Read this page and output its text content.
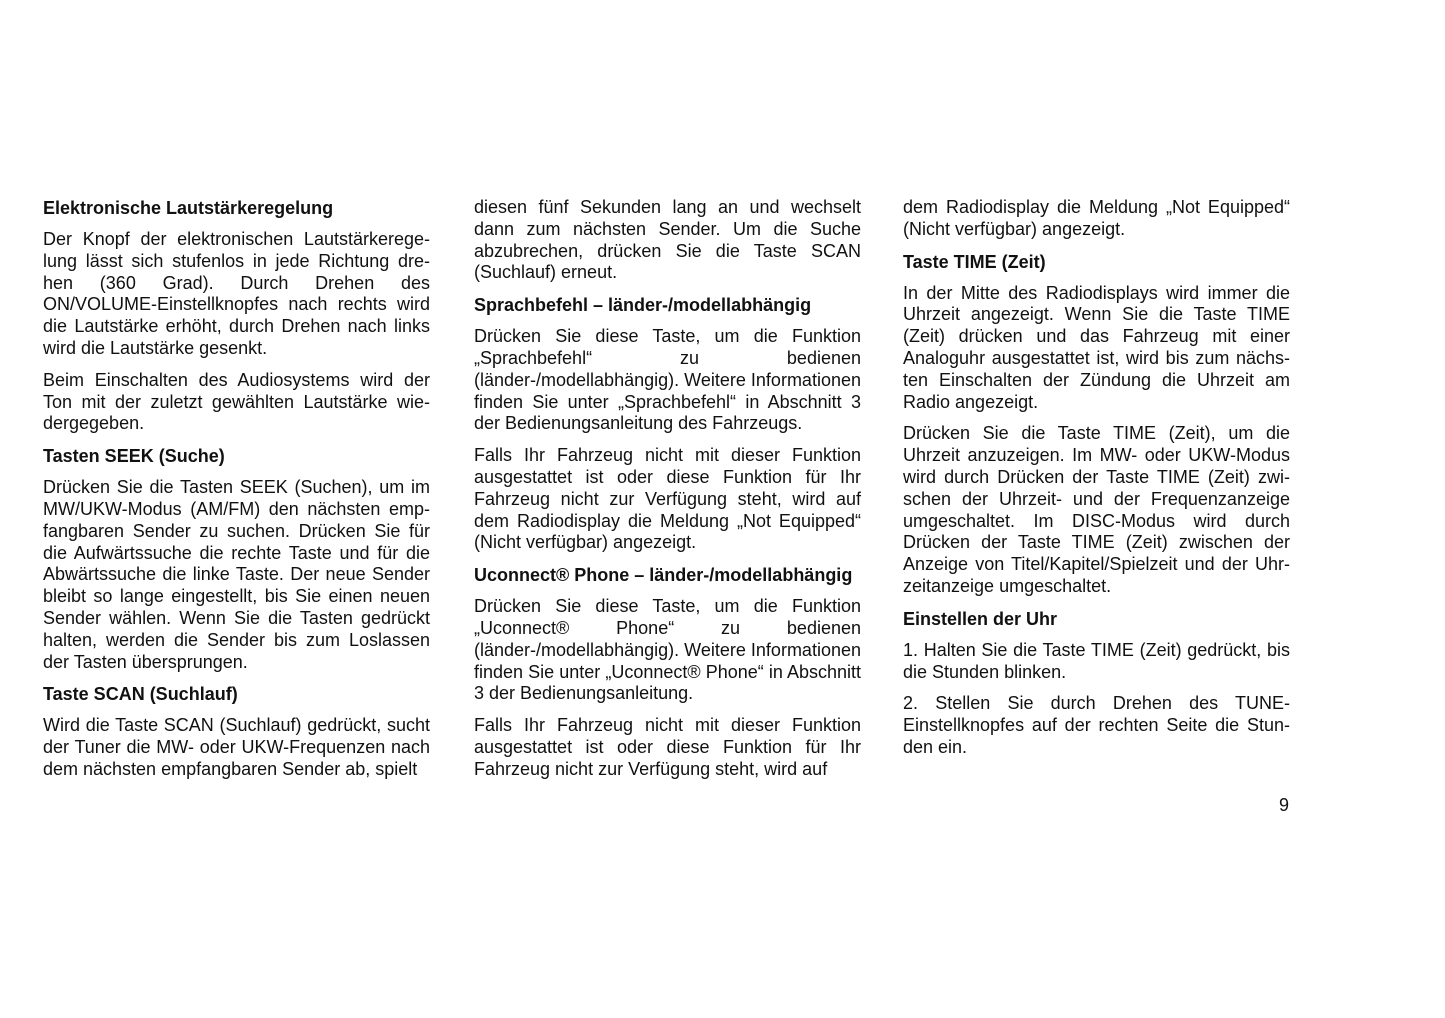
Elektronische Lautstärkeregelung

Der Knopf der elektronischen Lautstärkerege-lung lässt sich stufenlos in jede Richtung dre-hen (360 Grad). Durch Drehen des ON/VOLUME-Einstellknopfes nach rechts wird die Lautstärke erhöht, durch Drehen nach links wird die Lautstärke gesenkt.

Beim Einschalten des Audiosystems wird der Ton mit der zuletzt gewählten Lautstärke wie-dergegeben.

Tasten SEEK (Suche)

Drücken Sie die Tasten SEEK (Suchen), um im MW/UKW-Modus (AM/FM) den nächsten emp-fangbaren Sender zu suchen. Drücken Sie für die Aufwärtssuche die rechte Taste und für die Abwärtssuche die linke Taste. Der neue Sender bleibt so lange eingestellt, bis Sie einen neuen Sender wählen. Wenn Sie die Tasten gedrückt halten, werden die Sender bis zum Loslassen der Tasten übersprungen.

Taste SCAN (Suchlauf)

Wird die Taste SCAN (Suchlauf) gedrückt, sucht der Tuner die MW- oder UKW-Frequenzen nach dem nächsten empfangbaren Sender ab, spielt

diesen fünf Sekunden lang an und wechselt dann zum nächsten Sender. Um die Suche abzubrechen, drücken Sie die Taste SCAN (Suchlauf) erneut.

Sprachbefehl – länder-/modellabhängig

Drücken Sie diese Taste, um die Funktion „Sprachbefehl“ zu bedienen (länder-/modellabhängig). Weitere Informationen finden Sie unter „Sprachbefehl“ in Abschnitt 3 der Bedienungsanleitung des Fahrzeugs.

Falls Ihr Fahrzeug nicht mit dieser Funktion ausgestattet ist oder diese Funktion für Ihr Fahrzeug nicht zur Verfügung steht, wird auf dem Radiodisplay die Meldung „Not Equipped“ (Nicht verfügbar) angezeigt.

Uconnect® Phone – länder-/modellabhängig

Drücken Sie diese Taste, um die Funktion „Uconnect® Phone“ zu bedienen (länder-/modellabhängig). Weitere Informationen finden Sie unter „Uconnect® Phone“ in Abschnitt 3 der Bedienungsanleitung.

Falls Ihr Fahrzeug nicht mit dieser Funktion ausgestattet ist oder diese Funktion für Ihr Fahrzeug nicht zur Verfügung steht, wird auf

dem Radiodisplay die Meldung „Not Equipped“ (Nicht verfügbar) angezeigt.

Taste TIME (Zeit)

In der Mitte des Radiodisplays wird immer die Uhrzeit angezeigt. Wenn Sie die Taste TIME (Zeit) drücken und das Fahrzeug mit einer Analoguhr ausgestattet ist, wird bis zum nächs-ten Einschalten der Zündung die Uhrzeit am Radio angezeigt.

Drücken Sie die Taste TIME (Zeit), um die Uhrzeit anzuzeigen. Im MW- oder UKW-Modus wird durch Drücken der Taste TIME (Zeit) zwi-schen der Uhrzeit- und der Frequenzanzeige umgeschaltet. Im DISC-Modus wird durch Drücken der Taste TIME (Zeit) zwischen der Anzeige von Titel/Kapitel/Spielzeit und der Uhr-zeitanzeige umgeschaltet.

Einstellen der Uhr

1. Halten Sie die Taste TIME (Zeit) gedrückt, bis die Stunden blinken.

2. Stellen Sie durch Drehen des TUNE-Einstellknopfes auf der rechten Seite die Stun-den ein.

9
